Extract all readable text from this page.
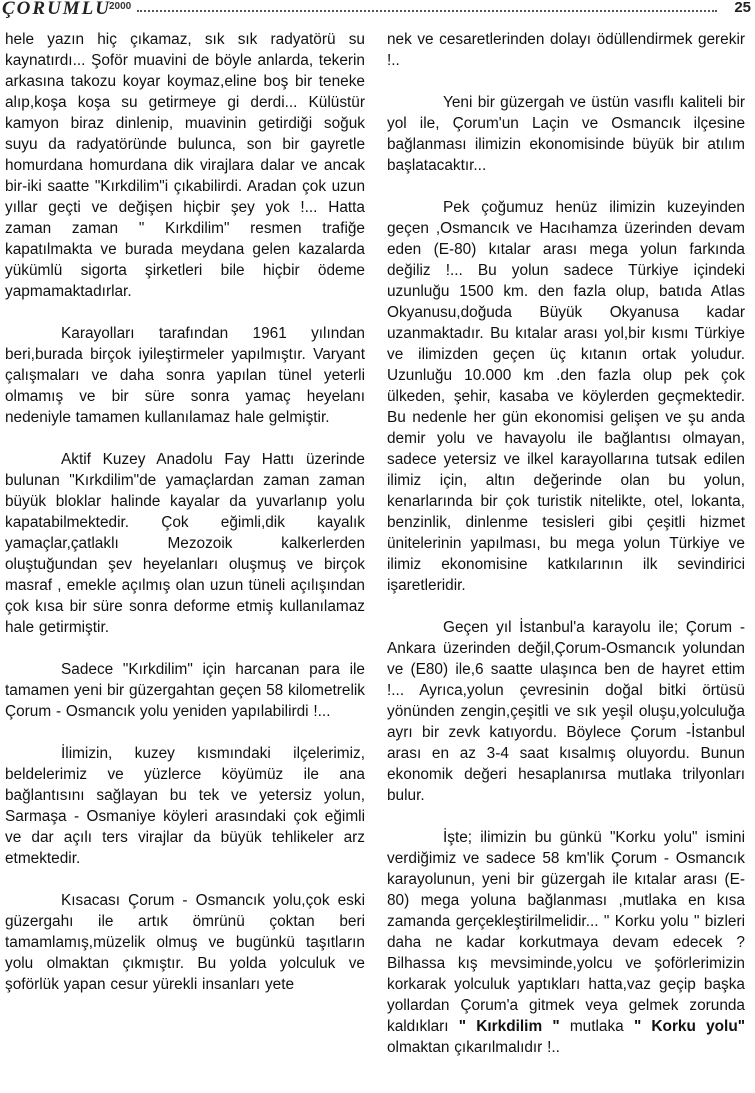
ÇORUMLU
2000	25

hele yazın hiç çıkamaz, sık sık radyatörü su kaynatırdı... Şoför muavini de böyle anlarda, tekerin arkasına takozu koyar koymaz,eline boş bir teneke alıp,koşa koşa su getirmeye gi derdi... Külüstür kamyon biraz dinlenip, muavinin getirdiği soğuk suyu da radyatöründe bulunca, son bir gayretle homurdana homurdana dik virajlara dalar ve ancak bir-iki saatte "Kırkdilim"i çıkabilirdi. Aradan çok uzun yıllar geçti ve değişen hiçbir şey yok !... Hatta zaman zaman " Kırkdilim" resmen trafiğe kapatılmakta ve burada meydana gelen kazalarda yükümlü sigorta şirketleri bile hiçbir ödeme yapmamaktadırlar.

Karayolları tarafından 1961 yılından beri,burada birçok iyileştirmeler yapılmıştır. Varyant çalışmaları ve daha sonra yapılan tünel yeterli olmamış ve bir süre sonra yamaç heyelanı nedeniyle tamamen kullanılamaz hale gelmiştir.

Aktif Kuzey Anadolu Fay Hattı üzerinde bulunan "Kırkdilim"de yamaçlardan zaman zaman büyük bloklar halinde kayalar da yuvarlanıp yolu kapatabilmektedir. Çok eğimli,dik kayalık yamaçlar,çatlaklı Mezozoik kalkerlerden oluştuğundan şev heyelanları oluşmuş ve birçok masraf , emekle açılmış olan uzun tüneli açılışından çok kısa bir süre sonra deforme etmiş kullanılamaz hale getirmiştir.

Sadece "Kırkdilim" için harcanan para ile tamamen yeni bir güzergahtan geçen 58 kilometrelik Çorum - Osmancık yolu yeniden yapılabilirdi !...

İlimizin, kuzey kısmındaki ilçelerimiz, beldelerimiz ve yüzlerce köyümüz ile ana bağlantısını sağlayan bu tek ve yetersiz yolun, Sarmaşa - Osmaniye köyleri arasındaki çok eğimli ve dar açılı ters virajlar da büyük tehlikeler arz etmektedir.

Kısacası Çorum - Osmancık yolu,çok eski güzergahı ile artık ömrünü çoktan beri tamamlamış,müzelik olmuş ve bugünkü taşıtların yolu olmaktan çıkmıştır. Bu yolda yolculuk ve şoförlük yapan cesur yürekli insanları yete

nek ve cesaretlerinden dolayı ödüllendirmek gerekir !..

Yeni bir güzergah ve üstün vasıflı kaliteli bir yol ile, Çorum'un Laçin ve Osmancık ilçesine bağlanması ilimizin ekonomisinde büyük bir atılım başlatacaktır...

Pek çoğumuz henüz ilimizin kuzeyinden geçen ,Osmancık ve Hacıhamza üzerinden devam eden (E-80) kıtalar arası mega yolun farkında değiliz !... Bu yolun sadece Türkiye içindeki uzunluğu 1500 km. den fazla olup, batıda Atlas Okyanusu,doğuda Büyük Okyanusa kadar uzanmaktadır. Bu kıtalar arası yol,bir kısmı Türkiye ve ilimizden geçen üç kıtanın ortak yoludur. Uzunluğu 10.000 km .den fazla olup pek çok ülkeden, şehir, kasaba ve köylerden geçmektedir. Bu nedenle her gün ekonomisi gelişen ve şu anda demir yolu ve havayolu ile bağlantısı olmayan, sadece yetersiz ve ilkel karayollarına tutsak edilen ilimiz için, altın değerinde olan bu yolun, kenarlarında bir çok turistik nitelikte, otel, lokanta, benzinlik, dinlenme tesisleri gibi çeşitli hizmet ünitelerinin yapılması, bu mega yolun Türkiye ve ilimiz ekonomisine katkılarının ilk sevindirici işaretleridir.

Geçen yıl İstanbul'a karayolu ile; Çorum - Ankara üzerinden değil,Çorum-Osmancık yolundan ve (E80) ile,6 saatte ulaşınca ben de hayret ettim !... Ayrıca,yolun çevresinin doğal bitki örtüsü yönünden zengin,çeşitli ve sık yeşil oluşu,yolculuğa ayrı bir zevk katıyordu. Böylece Çorum -İstanbul arası en az 3-4 saat kısalmış oluyordu. Bunun ekonomik değeri hesaplanırsa mutlaka trilyonları bulur.

İşte; ilimizin bu günkü "Korku yolu" ismini verdiğimiz ve sadece 58 km'lik Çorum - Osmancık karayolunun, yeni bir güzergah ile kıtalar arası (E-80) mega yoluna bağlanması ,mutlaka en kısa zamanda gerçekleştirilmelidir... " Korku yolu " bizleri daha ne kadar korkutmaya devam edecek ? Bilhassa kış mevsiminde,yolcu ve şoförlerimizin korkarak yolculuk yaptıkları hatta,vaz geçip başka yollardan Çorum'a gitmek veya gelmek zorunda kaldıkları " Kırkdilim " mutlaka " Korku yolu" olmaktan çıkarılmalıdır !..
